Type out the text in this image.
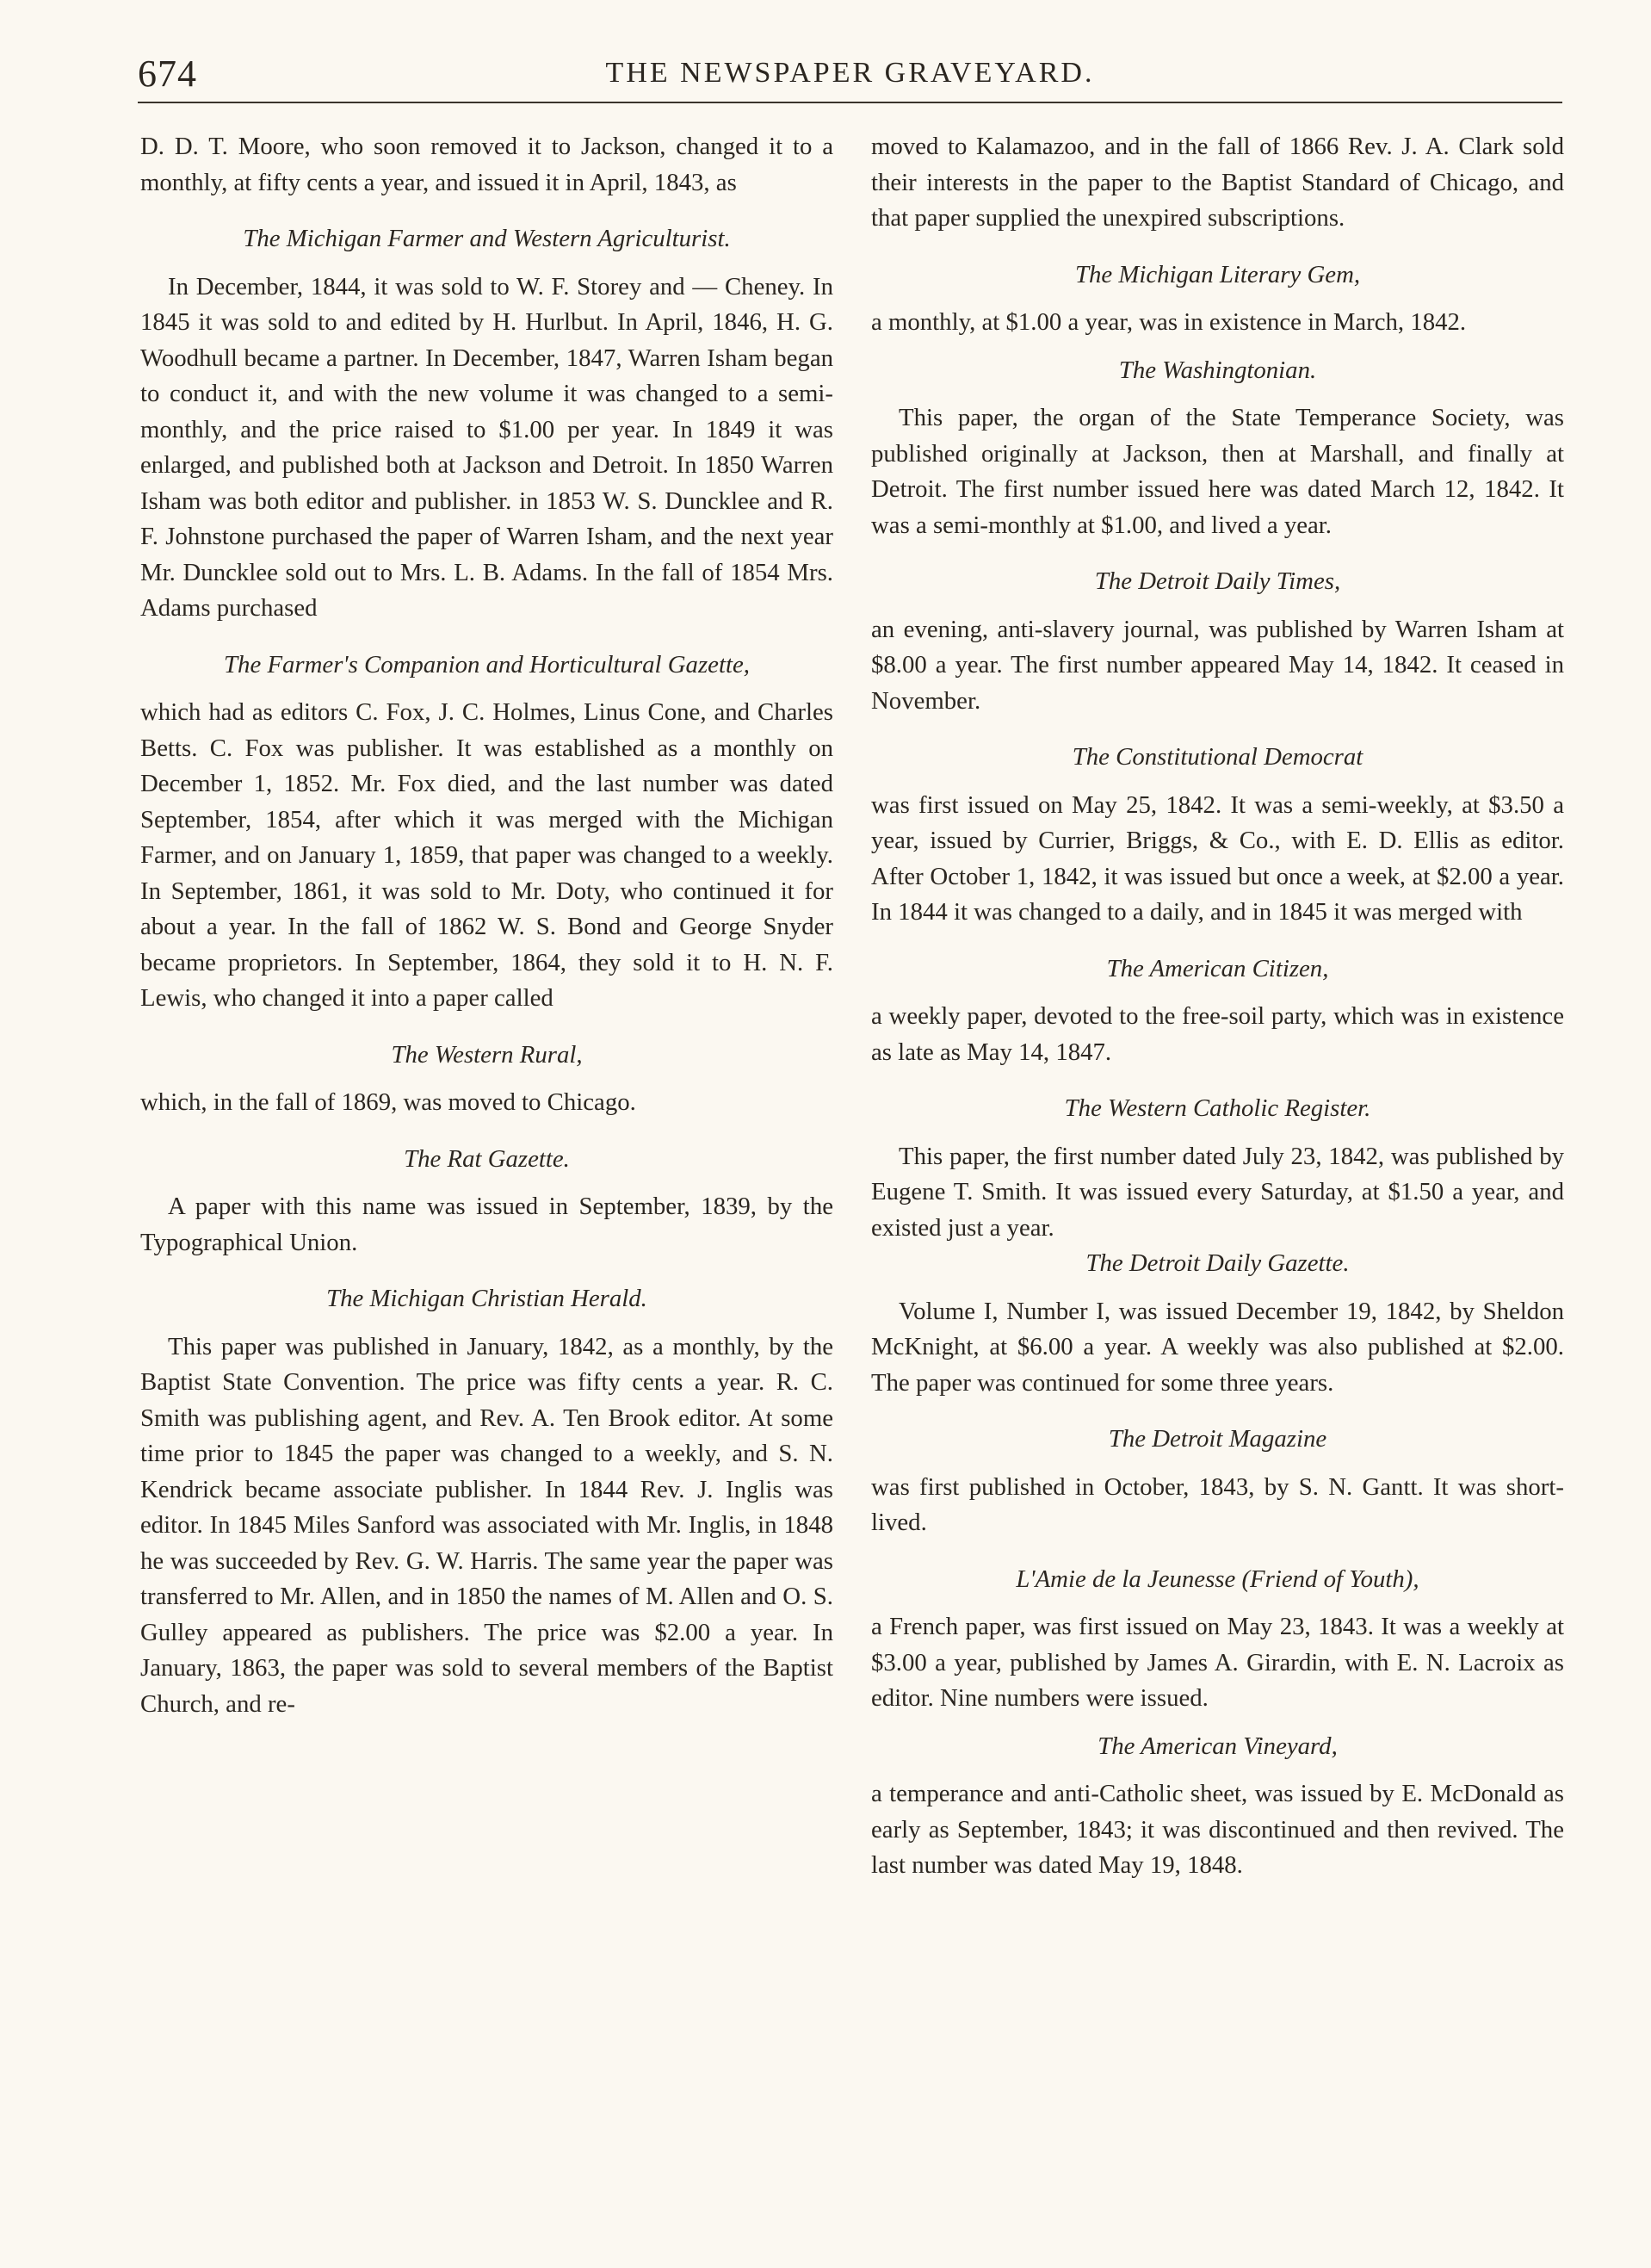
674	THE NEWSPAPER GRAVEYARD.

D. D. T. Moore, who soon removed it to Jackson, changed it to a monthly, at fifty cents a year, and issued it in April, 1843, as

The Michigan Farmer and Western Agriculturist.

In December, 1844, it was sold to W. F. Storey and — Cheney. In 1845 it was sold to and edited by H. Hurlbut. In April, 1846, H. G. Woodhull became a partner. In December, 1847, Warren Isham began to conduct it, and with the new volume it was changed to a semi-monthly, and the price raised to $1.00 per year. In 1849 it was enlarged, and published both at Jackson and Detroit. In 1850 Warren Isham was both editor and publisher. in 1853 W. S. Duncklee and R. F. Johnstone purchased the paper of Warren Isham, and the next year Mr. Duncklee sold out to Mrs. L. B. Adams. In the fall of 1854 Mrs. Adams purchased

The Farmer's Companion and Horticultural Gazette,

which had as editors C. Fox, J. C. Holmes, Linus Cone, and Charles Betts. C. Fox was publisher. It was established as a monthly on December 1, 1852. Mr. Fox died, and the last number was dated September, 1854, after which it was merged with the Michigan Farmer, and on January 1, 1859, that paper was changed to a weekly. In September, 1861, it was sold to Mr. Doty, who continued it for about a year. In the fall of 1862 W. S. Bond and George Snyder became proprietors. In September, 1864, they sold it to H. N. F. Lewis, who changed it into a paper called

The Western Rural,

which, in the fall of 1869, was moved to Chicago.

The Rat Gazette.

A paper with this name was issued in September, 1839, by the Typographical Union.

The Michigan Christian Herald.

This paper was published in January, 1842, as a monthly, by the Baptist State Convention. The price was fifty cents a year. R. C. Smith was publishing agent, and Rev. A. Ten Brook editor. At some time prior to 1845 the paper was changed to a weekly, and S. N. Kendrick became associate publisher. In 1844 Rev. J. Inglis was editor. In 1845 Miles Sanford was associated with Mr. Inglis, in 1848 he was succeeded by Rev. G. W. Harris. The same year the paper was transferred to Mr. Allen, and in 1850 the names of M. Allen and O. S. Gulley appeared as publishers. The price was $2.00 a year. In January, 1863, the paper was sold to several members of the Baptist Church, and re-

moved to Kalamazoo, and in the fall of 1866 Rev. J. A. Clark sold their interests in the paper to the Baptist Standard of Chicago, and that paper supplied the unexpired subscriptions.

The Michigan Literary Gem,

a monthly, at $1.00 a year, was in existence in March, 1842.

The Washingtonian.

This paper, the organ of the State Temperance Society, was published originally at Jackson, then at Marshall, and finally at Detroit. The first number issued here was dated March 12, 1842. It was a semi-monthly at $1.00, and lived a year.

The Detroit Daily Times,

an evening, anti-slavery journal, was published by Warren Isham at $8.00 a year. The first number appeared May 14, 1842. It ceased in November.

The Constitutional Democrat

was first issued on May 25, 1842. It was a semi-weekly, at $3.50 a year, issued by Currier, Briggs, & Co., with E. D. Ellis as editor. After October 1, 1842, it was issued but once a week, at $2.00 a year. In 1844 it was changed to a daily, and in 1845 it was merged with

The American Citizen,

a weekly paper, devoted to the free-soil party, which was in existence as late as May 14, 1847.

The Western Catholic Register.

This paper, the first number dated July 23, 1842, was published by Eugene T. Smith. It was issued every Saturday, at $1.50 a year, and existed just a year.

The Detroit Daily Gazette.

Volume I, Number I, was issued December 19, 1842, by Sheldon McKnight, at $6.00 a year. A weekly was also published at $2.00. The paper was continued for some three years.

The Detroit Magazine

was first published in October, 1843, by S. N. Gantt. It was short-lived.

L'Amie de la Jeunesse (Friend of Youth),

a French paper, was first issued on May 23, 1843. It was a weekly at $3.00 a year, published by James A. Girardin, with E. N. Lacroix as editor. Nine numbers were issued.

The American Vineyard,

a temperance and anti-Catholic sheet, was issued by E. McDonald as early as September, 1843; it was discontinued and then revived. The last number was dated May 19, 1848.
